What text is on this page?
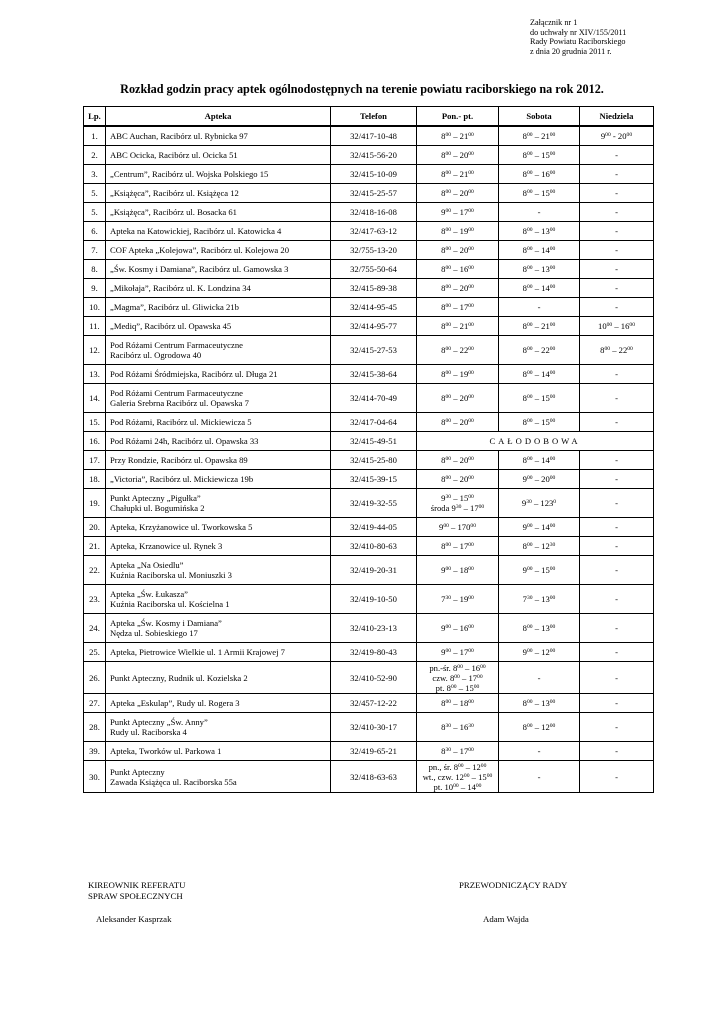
Załącznik nr 1
do uchwały nr XIV/155/2011
Rady Powiatu Raciborskiego
z dnia 20 grudnia 2011 r.
Rozkład godzin pracy aptek ogólnodostępnych na terenie powiatu raciborskiego na rok 2012.
Lp.	Apteka	Telefon	Pon.- pt.	Sobota	Niedziela
1.	ABC Auchan, Racibórz ul. Rybnicka 97	32/417-10-48	$8^{00} - 21^{00}$	$8^{00} - 21^{00}$	$9^{00} - 20^{00}$

2.	ABC Ocicka, Racibórz ul. Ocicka 51	32/415-56-20	$8^{00} - 20^{00}$	$8^{00} - 15^{00}$	-

3.	„Centrum”, Racibórz ul. Wojska Polskiego 15	32/415-10-09	$8^{00} - 21^{00}$	$8^{00} - 16^{00}$	-

5.	„Książęca”, Racibórz ul. Książęca 12	32/415-25-57	$8^{00} - 20^{00}$	$8^{00} - 15^{00}$	-

5.	„Książęca”, Racibórz ul. Bosacka 61	32/418-16-08	$9^{00} - 17^{00}$	-	-

6.	Apteka na Katowickiej, Racibórz ul. Katowicka 4	32/417-63-12	$8^{00} - 19^{00}$	$8^{00} - 13^{00}$	-

7.	COF Apteka „Kolejowa”, Racibórz ul. Kolejowa 20	32/755-13-20	$8^{00} - 20^{00}$	$8^{00} - 14^{00}$	-

8.	„Św. Kosmy i Damiana”, Racibórz ul. Gamowska 3	32/755-50-64	$8^{00} - 16^{00}$	$8^{00} - 13^{00}$	-

9.	„Mikołaja”, Racibórz ul. K. Londzina 34	32/415-89-38	$8^{00} - 20^{00}$	$8^{00} - 14^{00}$	-

10.	„Magma”, Racibórz ul. Gliwicka 21b	32/414-95-45	$8^{00} - 17^{00}$	-	-

11.	„Mediq”, Racibórz ul. Opawska 45	32/414-95-77	$8^{00} - 21^{00}$	$8^{00} - 21^{00}$	$10^{00} - 16^{00}$

12.	Pod Różami Centrum Farmaceutyczne
Racibórz ul. Ogrodowa 40	32/415-27-53	$8^{00} - 22^{00}$	$8^{00} - 22^{00}$	$8^{00} - 22^{00}$

13.	Pod Różami Śródmiejska, Racibórz ul. Długa 21	32/415-38-64	$8^{00} - 19^{00}$	$8^{00} - 14^{00}$	-

14.	Pod Różami Centrum Farmaceutyczne
Galeria Srebrna Racibórz ul. Opawska 7	32/414-70-49	$8^{00} - 20^{00}$	$8^{00} - 15^{00}$	-

15.	Pod Różami, Racibórz ul. Mickiewicza 5	32/417-04-64	$8^{00} - 20^{00}$	$8^{00} - 15^{00}$	-

16.	Pod Różami 24h, Racibórz ul. Opawska 33	32/415-49-51	CAŁODOBOWA		
17.	Przy Rondzie, Racibórz ul. Opawska 89	32/415-25-80	$8^{00} - 20^{00}$	$8^{00} - 14^{00}$	-

18.	„Victoria”, Racibórz ul. Mickiewicza 19b	32/415-39-15	$8^{00} - 20^{00}$	$9^{00} - 20^{00}$	-

19.	Punkt Apteczny „Pigułka”
Chałupki ul. Bogumińska 2	32/419-32-55	$9^{30} - 15^{00}$
środa $9^{30} - 17^{00}$	$9^{30} - 123^0$	-

20.	Apteka, Krzyżanowice ul. Tworkowska 5	32/419-44-05	$9^{00} - 170^{00}$	$9^{00} - 14^{00}$	-

21.	Apteka, Krzanowice ul. Rynek 3	32/410-80-63	$8^{00} - 17^{00}$	$8^{00} - 12^{30}$	-

22.	Apteka „Na Osiedlu”
Kuźnia Raciborska ul. Moniuszki 3	32/419-20-31	$9^{00} - 18^{00}$	$9^{00} - 15^{00}$	-

23.	Apteka „Św. Łukasza”
Kuźnia Raciborska ul. Kościelna 1	32/419-10-50	$7^{30} - 19^{00}$	$7^{30} - 13^{00}$	-

24.	Apteka „Św. Kosmy i Damiana”
Nędza ul. Sobieskiego 17	32/410-23-13	$9^{00} - 16^{00}$	$8^{00} - 13^{00}$	-

25.	Apteka, Pietrowice Wielkie ul. 1 Armii Krajowej 7	32/419-80-43	$9^{00} - 17^{00}$	$9^{00} - 12^{00}$	-

26.	Punkt Apteczny, Rudnik ul. Kozielska 2	32/410-52-90	pn.-śr. $8^{00} - 16^{00}$
czw. $8^{00} - 17^{00}$
pt. $8^{00} - 15^{00}$	-	-

27.	Apteka „Eskulap”, Rudy ul. Rogera 3	32/457-12-22	$8^{00} - 18^{00}$	$8^{00} - 13^{00}$	-

28.	Punkt Apteczny „Św. Anny”
Rudy ul. Raciborska 4	32/410-30-17	$8^{30} - 16^{30}$	$8^{00} - 12^{00}$	-

39.	Apteka, Tworków ul. Parkowa 1	32/419-65-21	$8^{30} - 17^{00}$	-	-

30.	Punkt Apteczny
Zawada Książęca ul. Raciborska 55a	32/418-63-63	pn., śr. $8^{00} - 12^{00}$
wt., czw. $12^{00} - 15^{00}$
pt. $10^{00} - 14^{00}$	-	-
KIREOWNIK REFERATU
SPRAW SPOŁECZNYCH
Aleksander Kasprzak
PRZEWODNICZĄCY RADY
Adam Wajda
